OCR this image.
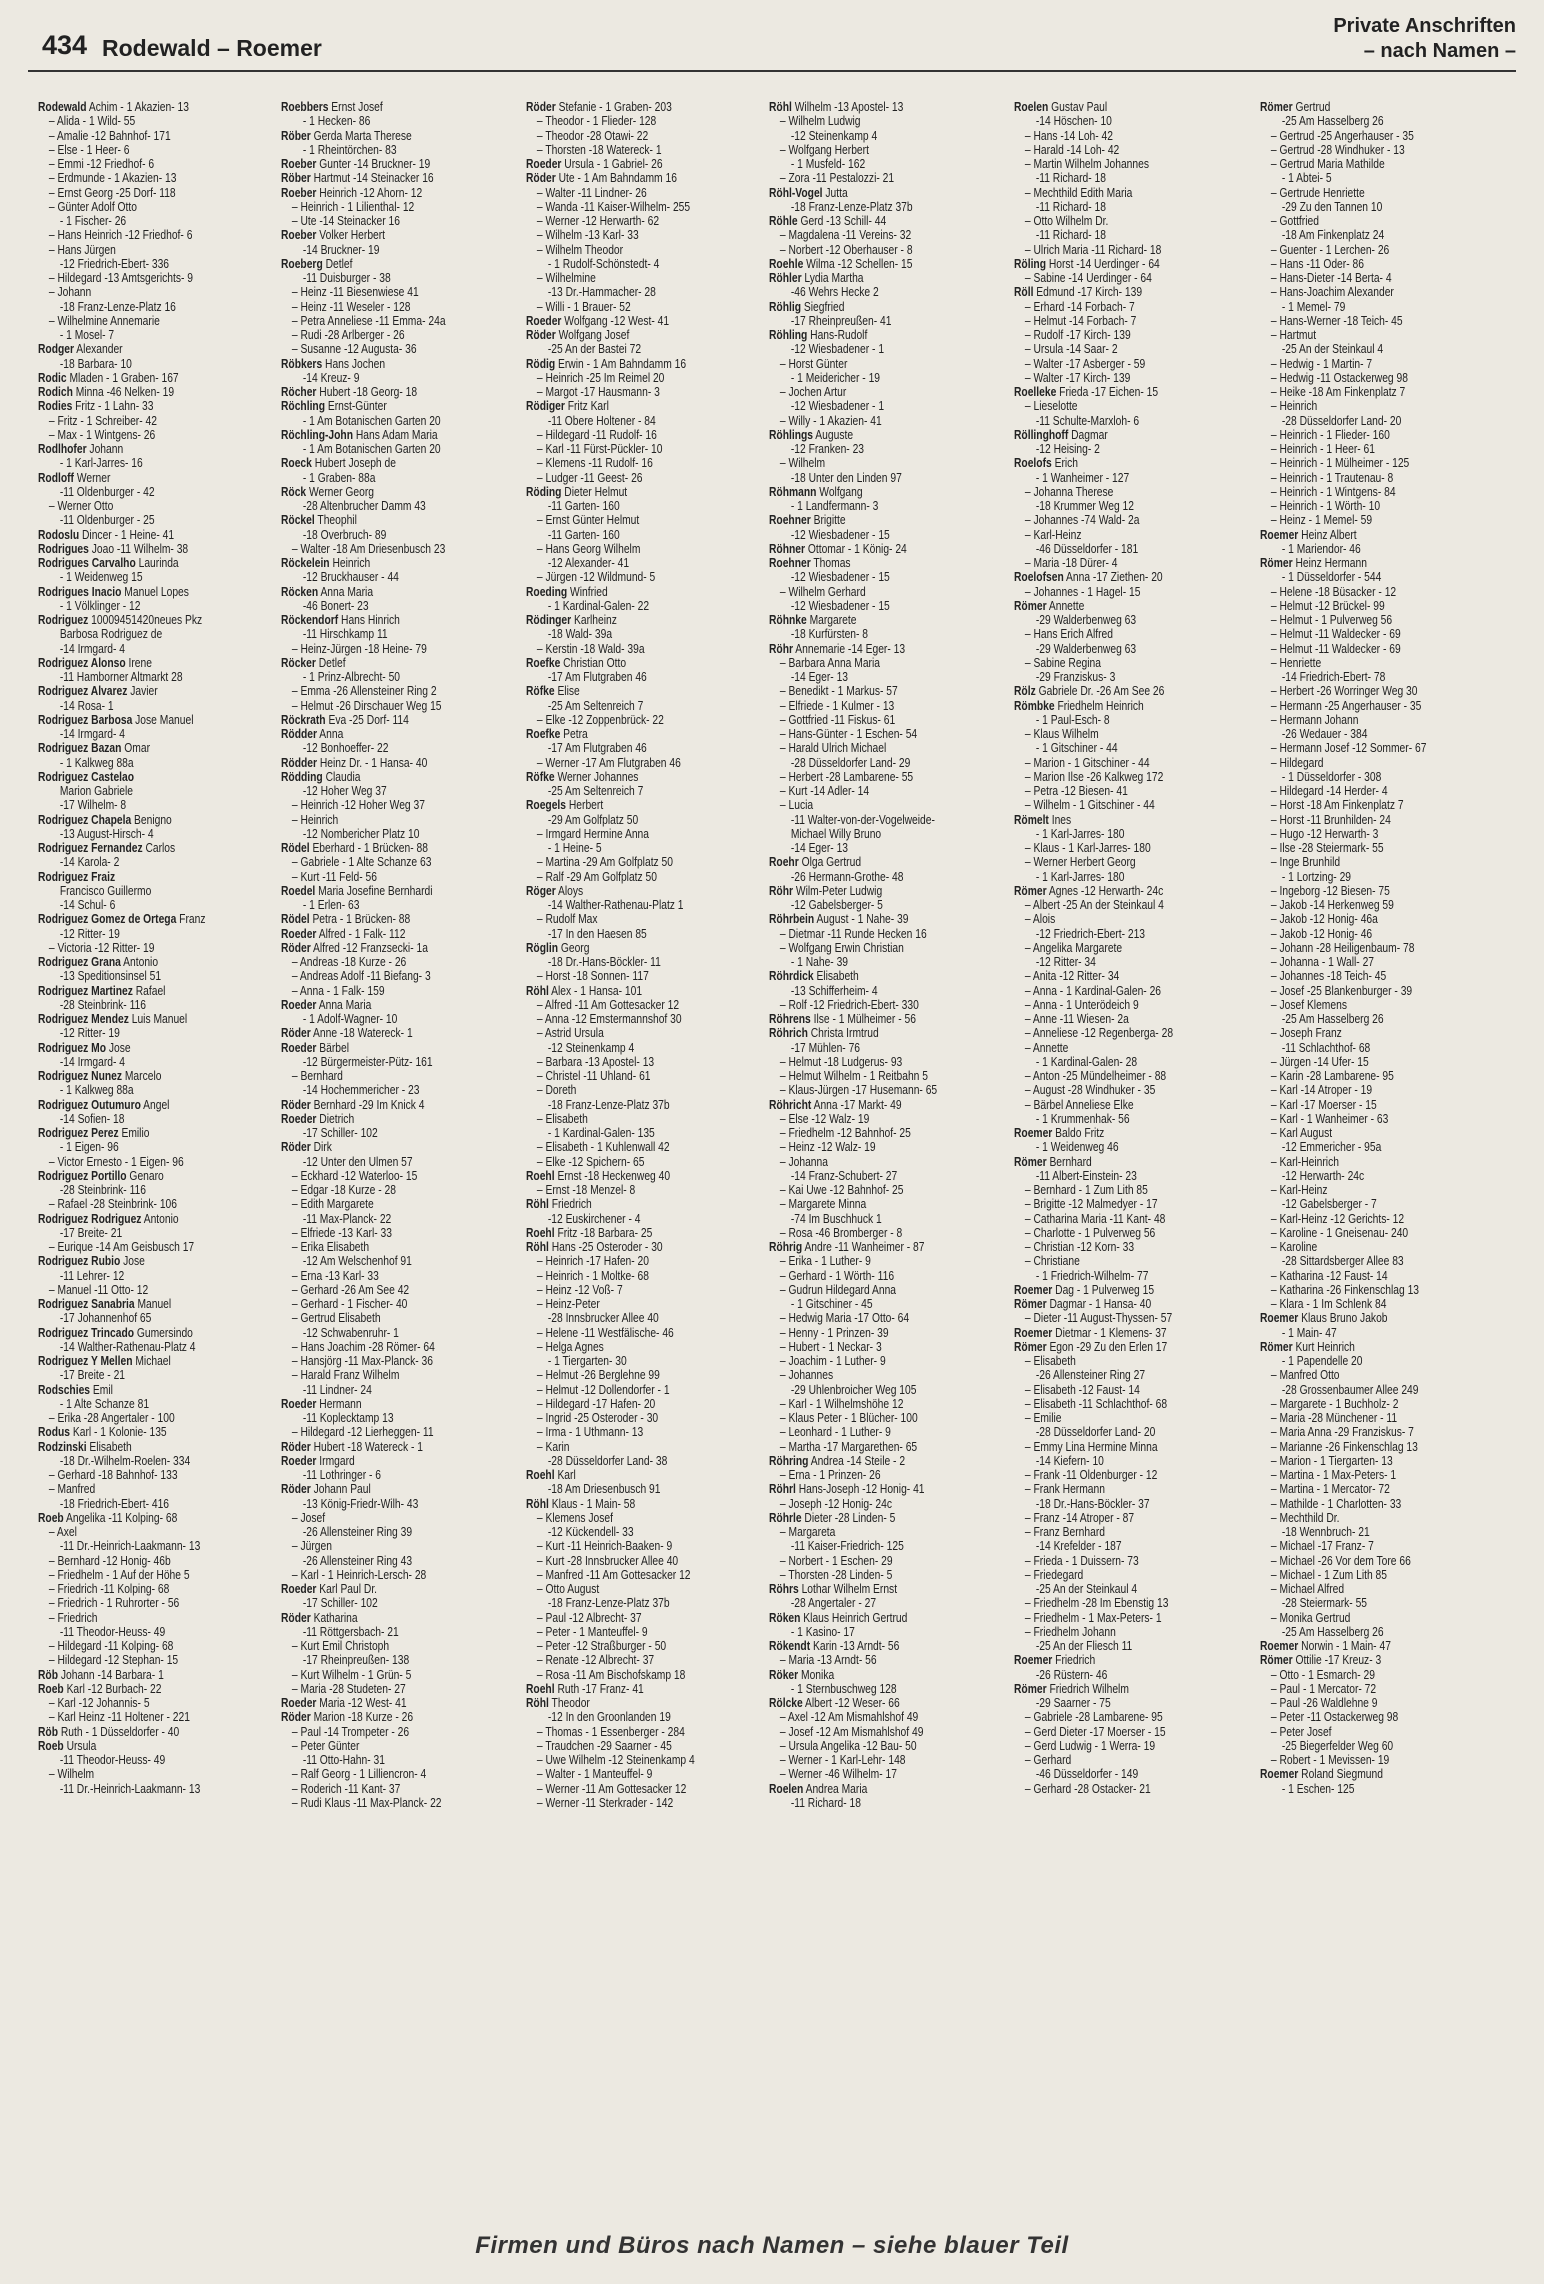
434 Rodewald – Roemer
Private Anschriften
– nach Namen –
Rodewald Achim - 1 Akazien- 13
– Alida - 1 Wild- 55
– Amalie -12 Bahnhof- 171
– Else - 1 Heer- 6
– Emmi -12 Friedhof- 6
– Erdmunde - 1 Akazien- 13
– Ernst Georg -25 Dorf- 118
– Günter Adolf Otto
- 1 Fischer- 26
– Hans Heinrich -12 Friedhof- 6
– Hans Jürgen
-12 Friedrich-Ebert- 336
– Hildegard -13 Amtsgerichts- 9
– Johann
-18 Franz-Lenze-Platz 16
– Wilhelmine Annemarie
- 1 Mosel- 7
Rodger Alexander
-18 Barbara- 10
Rodic Mladen - 1 Graben- 167
Rodich Minna -46 Nelken- 19
Rodies Fritz - 1 Lahn- 33
– Fritz - 1 Schreiber- 42
– Max - 1 Wintgens- 26
Rodlhofer Johann
- 1 Karl-Jarres- 16
Rodloff Werner
-11 Oldenburger - 42
– Werner Otto
-11 Oldenburger - 25
Rodoslu Dincer - 1 Heine- 41
Rodrigues Joao -11 Wilhelm- 38
Rodrigues Carvalho Laurinda
- 1 Weidenweg 15
Rodrigues Inacio Manuel Lopes
- 1 Völklinger - 12
Rodriguez 10009451420neues Pkz
Barbosa Rodriguez de
-14 Irmgard- 4
Rodriguez Alonso Irene
-11 Hamborner Altmarkt 28
Rodriguez Alvarez Javier
-14 Rosa- 1
Rodriguez Barbosa Jose Manuel
-14 Irmgard- 4
Rodriguez Bazan Omar
- 1 Kalkweg 88a
Rodriguez Castelao
Marion Gabriele
-17 Wilhelm- 8
Rodriguez Chapela Benigno
-13 August-Hirsch- 4
Rodriguez Fernandez Carlos
-14 Karola- 2
Rodriguez Fraiz
Francisco Guillermo
-14 Schul- 6
Rodriguez Gomez de Ortega Franz
-12 Ritter- 19
– Victoria -12 Ritter- 19
Rodriguez Grana Antonio
-13 Speditionsinsel 51
Rodriguez Martinez Rafael
-28 Steinbrink- 116
Rodriguez Mendez Luis Manuel
-12 Ritter- 19
Rodriguez Mo Jose
-14 Irmgard- 4
Rodriguez Nunez Marcelo
- 1 Kalkweg 88a
Rodriguez Outumuro Angel
-14 Sofien- 18
Rodriguez Perez Emilio
- 1 Eigen- 96
– Victor Ernesto - 1 Eigen- 96
Rodriguez Portillo Genaro
-28 Steinbrink- 116
– Rafael -28 Steinbrink- 106
Rodriguez Rodriguez Antonio
-17 Breite- 21
– Eurique -14 Am Geisbusch 17
Rodriguez Rubio Jose
-11 Lehrer- 12
– Manuel -11 Otto- 12
Rodriguez Sanabria Manuel
-17 Johannenhof 65
Rodriguez Trincado Gumersindo
-14 Walther-Rathenau-Platz 4
Rodriguez Y Mellen Michael
-17 Breite - 21
Rodschies Emil
- 1 Alte Schanze 81
– Erika -28 Angertaler - 100
Rodus Karl - 1 Kolonie- 135
Rodzinski Elisabeth
-18 Dr.-Wilhelm-Roelen- 334
– Gerhard -18 Bahnhof- 133
– Manfred
-18 Friedrich-Ebert- 416
Roeb Angelika -11 Kolping- 68
– Axel
-11 Dr.-Heinrich-Laakmann- 13
– Bernhard -12 Honig- 46b
– Friedhelm - 1 Auf der Höhe 5
– Friedrich -11 Kolping- 68
– Friedrich - 1 Ruhrorter - 56
– Friedrich
-11 Theodor-Heuss- 49
– Hildegard -11 Kolping- 68
– Hildegard -12 Stephan- 15
Röb Johann -14 Barbara- 1
Roeb Karl -12 Burbach- 22
– Karl -12 Johannis- 5
– Karl Heinz -11 Holtener - 221
Röb Ruth - 1 Düsseldorfer - 40
Roeb Ursula
-11 Theodor-Heuss- 49
– Wilhelm
-11 Dr.-Heinrich-Laakmann- 13
Roebbers Ernst Josef
- 1 Hecken- 86
Röber Gerda Marta Therese
- 1 Rheintörchen- 83
Roeber Gunter -14 Bruckner- 19
Röber Hartmut -14 Steinacker 16
Roeber Heinrich -12 Ahorn- 12
– Heinrich - 1 Lilienthal- 12
– Ute -14 Steinacker 16
Roeber Volker Herbert
-14 Bruckner- 19
Roeberg Detlef
-11 Duisburger - 38
– Heinz -11 Biesenwiese 41
– Heinz -11 Weseler - 128
– Petra Anneliese -11 Emma- 24a
– Rudi -28 Arlberger - 26
– Susanne -12 Augusta- 36
Röbkers Hans Jochen
-14 Kreuz- 9
Röcher Hubert -18 Georg- 18
Röchling Ernst-Günter
- 1 Am Botanischen Garten 20
Röchling-John Hans Adam Maria
- 1 Am Botanischen Garten 20
Roeck Hubert Joseph de
- 1 Graben- 88a
Röck Werner Georg
-28 Altenbrucher Damm 43
Röckel Theophil
-18 Overbruch- 89
– Walter -18 Am Driesenbusch 23
Röckelein Heinrich
-12 Bruckhauser - 44
Röcken Anna Maria
-46 Bonert- 23
Röckendorf Hans Hinrich
-11 Hirschkamp 11
– Heinz-Jürgen -18 Heine- 79
Röcker Detlef
- 1 Prinz-Albrecht- 50
– Emma -26 Allensteiner Ring 2
– Helmut -26 Dirschauer Weg 15
Röckrath Eva -25 Dorf- 114
Rödder Anna
-12 Bonhoeffer- 22
Rödder Heinz Dr. - 1 Hansa- 40
Rödding Claudia
-12 Hoher Weg 37
– Heinrich -12 Hoher Weg 37
– Heinrich
-12 Nombericher Platz 10
Rödel Eberhard - 1 Brücken- 88
– Gabriele - 1 Alte Schanze 63
– Kurt -11 Feld- 56
Roedel Maria Josefine Bernhardi
- 1 Erlen- 63
Rödel Petra - 1 Brücken- 88
Roeder Alfred - 1 Falk- 112
Röder Alfred -12 Franzsecki- 1a
– Andreas -18 Kurze - 26
– Andreas Adolf -11 Biefang- 3
– Anna - 1 Falk- 159
Roeder Anna Maria
- 1 Adolf-Wagner- 10
Röder Anne -18 Watereck- 1
Roeder Bärbel
-12 Bürgermeister-Pütz- 161
– Bernhard
-14 Hochemmericher - 23
Röder Bernhard -29 Im Knick 4
Roeder Dietrich
-17 Schiller- 102
Röder Dirk
-12 Unter den Ulmen 57
– Eckhard -12 Waterloo- 15
– Edgar -18 Kurze - 28
– Edith Margarete
-11 Max-Planck- 22
– Elfriede -13 Karl- 33
– Erika Elisabeth
-12 Am Welschenhof 91
– Erna -13 Karl- 33
– Gerhard -26 Am See 42
– Gerhard - 1 Fischer- 40
– Gertrud Elisabeth
-12 Schwabenruhr- 1
– Hans Joachim -28 Römer- 64
– Hansjörg -11 Max-Planck- 36
– Harald Franz Wilhelm
-11 Lindner- 24
Roeder Hermann
-11 Koplecktamp 13
– Hildegard -12 Lierheggen- 11
Röder Hubert -18 Watereck - 1
Roeder Irmgard
-11 Lothringer - 6
Röder Johann Paul
-13 König-Friedr-Wilh- 43
– Josef
-26 Allensteiner Ring 39
– Jürgen
-26 Allensteiner Ring 43
– Karl - 1 Heinrich-Lersch- 28
Roeder Karl Paul Dr.
-17 Schiller- 102
Röder Katharina
-11 Röttgersbach- 21
– Kurt Emil Christoph
-17 Rheinpreußen- 138
– Kurt Wilhelm - 1 Grün- 5
– Maria -28 Studeten- 27
Roeder Maria -12 West- 41
Röder Marion -18 Kurze - 26
– Paul -14 Trompeter - 26
– Peter Günter
-11 Otto-Hahn- 31
– Ralf Georg - 1 Lilliencron- 4
– Roderich -11 Kant- 37
– Rudi Klaus -11 Max-Planck- 22
Röder Stefanie - 1 Graben- 203
– Theodor - 1 Flieder- 128
– Theodor -28 Otawi- 22
– Thorsten -18 Watereck- 1
Roeder Ursula - 1 Gabriel- 26
Röder Ute - 1 Am Bahndamm 16
– Walter -11 Lindner- 26
– Wanda -11 Kaiser-Wilhelm- 255
– Werner -12 Herwarth- 62
– Wilhelm -13 Karl- 33
– Wilhelm Theodor
- 1 Rudolf-Schönstedt- 4
– Wilhelmine
-13 Dr.-Hammacher- 28
– Willi - 1 Brauer- 52
Roeder Wolfgang -12 West- 41
Röder Wolfgang Josef
-25 An der Bastei 72
Rödig Erwin - 1 Am Bahndamm 16
– Heinrich -25 Im Reimel 20
– Margot -17 Hausmann- 3
Rödiger Fritz Karl
-11 Obere Holtener - 84
– Hildegard -11 Rudolf- 16
– Karl -11 Fürst-Pückler- 10
– Klemens -11 Rudolf- 16
– Ludger -11 Geest- 26
Röding Dieter Helmut
-11 Garten- 160
– Ernst Günter Helmut
-11 Garten- 160
– Hans Georg Wilhelm
-12 Alexander- 41
– Jürgen -12 Wildmund- 5
Roeding Winfried
- 1 Kardinal-Galen- 22
Rödinger Karlheinz
-18 Wald- 39a
– Kerstin -18 Wald- 39a
Roefke Christian Otto
-17 Am Flutgraben 46
Röfke Elise
-25 Am Seltenreich 7
– Elke -12 Zoppenbrück- 22
Roefke Petra
-17 Am Flutgraben 46
– Werner -17 Am Flutgraben 46
Röfke Werner Johannes
-25 Am Seltenreich 7
Roegels Herbert
-29 Am Golfplatz 50
– Irmgard Hermine Anna
- 1 Heine- 5
– Martina -29 Am Golfplatz 50
– Ralf -29 Am Golfplatz 50
Röger Aloys
-14 Walther-Rathenau-Platz 1
– Rudolf Max
-17 In den Haesen 85
Röglin Georg
-18 Dr.-Hans-Böckler- 11
– Horst -18 Sonnen- 117
Röhl Alex - 1 Hansa- 101
– Alfred -11 Am Gottesacker 12
– Anna -12 Emstermannshof 30
– Astrid Ursula
-12 Steinenkamp 4
– Barbara -13 Apostel- 13
– Christel -11 Uhland- 61
– Doreth
-18 Franz-Lenze-Platz 37b
– Elisabeth
- 1 Kardinal-Galen- 135
– Elisabeth - 1 Kuhlenwall 42
– Elke -12 Spichern- 65
Roehl Ernst -18 Heckenweg 40
– Ernst -18 Menzel- 8
Röhl Friedrich
-12 Euskirchener - 4
Roehl Fritz -18 Barbara- 25
Röhl Hans -25 Osteroder - 30
– Heinrich -17 Hafen- 20
– Heinrich - 1 Moltke- 68
– Heinz -12 Voß- 7
– Heinz-Peter
-28 Innsbrucker Allee 40
– Helene -11 Westfälische- 46
– Helga Agnes
- 1 Tiergarten- 30
– Helmut -26 Berglehne 99
– Helmut -12 Dollendorfer - 1
– Hildegard -17 Hafen- 20
– Ingrid -25 Osteroder - 30
– Irma - 1 Uthmann- 13
– Karin
-28 Düsseldorfer Land- 38
Roehl Karl
-18 Am Driesenbusch 91
Röhl Klaus - 1 Main- 58
– Klemens Josef
-12 Kückendell- 33
– Kurt -11 Heinrich-Baaken- 9
– Kurt -28 Innsbrucker Allee 40
– Manfred -11 Am Gottesacker 12
– Otto August
-18 Franz-Lenze-Platz 37b
– Paul -12 Albrecht- 37
– Peter - 1 Manteuffel- 9
– Peter -12 Straßburger - 50
– Renate -12 Albrecht- 37
– Rosa -11 Am Bischofskamp 18
Roehl Ruth -17 Franz- 41
Röhl Theodor
-12 In den Groonlanden 19
– Thomas - 1 Essenberger - 284
– Traudchen -29 Saarner - 45
– Uwe Wilhelm -12 Steinenkamp 4
– Walter - 1 Manteuffel- 9
– Werner -11 Am Gottesacker 12
– Werner -11 Sterkrader - 142
Röhl Wilhelm -13 Apostel- 13
– Wilhelm Ludwig
-12 Steinenkamp 4
– Wolfgang Herbert
- 1 Musfeld- 162
– Zora -11 Pestalozzi- 21
Röhl-Vogel Jutta
-18 Franz-Lenze-Platz 37b
Röhle Gerd -13 Schill- 44
– Magdalena -11 Vereins- 32
– Norbert -12 Oberhauser - 8
Roehle Wilma -12 Schellen- 15
Röhler Lydia Martha
-46 Wehrs Hecke 2
Röhlig Siegfried
-17 Rheinpreußen- 41
Röhling Hans-Rudolf
-12 Wiesbadener - 1
– Horst Günter
- 1 Meidericher - 19
– Jochen Artur
-12 Wiesbadener - 1
– Willy - 1 Akazien- 41
Röhlings Auguste
-12 Franken- 23
– Wilhelm
-18 Unter den Linden 97
Röhmann Wolfgang
- 1 Landfermann- 3
Roehner Brigitte
-12 Wiesbadener - 15
Röhner Ottomar - 1 König- 24
Roehner Thomas
-12 Wiesbadener - 15
– Wilhelm Gerhard
-12 Wiesbadener - 15
Röhnke Margarete
-18 Kurfürsten- 8
Röhr Annemarie -14 Eger- 13
– Barbara Anna Maria
-14 Eger- 13
– Benedikt - 1 Markus- 57
– Elfriede - 1 Kulmer - 13
– Gottfried -11 Fiskus- 61
– Hans-Günter - 1 Eschen- 54
– Harald Ulrich Michael
-28 Düsseldorfer Land- 29
– Herbert -28 Lambarene- 55
– Kurt -14 Adler- 14
– Lucia
-11 Walter-von-der-Vogelweide-
Michael Willy Bruno
-14 Eger- 13
Roehr Olga Gertrud
-26 Hermann-Grothe- 48
Röhr Wilm-Peter Ludwig
-12 Gabelsberger- 5
Röhrbein August - 1 Nahe- 39
– Dietmar -11 Runde Hecken 16
– Wolfgang Erwin Christian
- 1 Nahe- 39
Röhrdick Elisabeth
-13 Schifferheim- 4
– Rolf -12 Friedrich-Ebert- 330
Röhrens Ilse - 1 Mülheimer - 56
Röhrich Christa Irmtrud
-17 Mühlen- 76
– Helmut -18 Ludgerus- 93
– Helmut Wilhelm - 1 Reitbahn 5
– Klaus-Jürgen -17 Husemann- 65
Röhricht Anna -17 Markt- 49
– Else -12 Walz- 19
– Friedhelm -12 Bahnhof- 25
– Heinz -12 Walz- 19
– Johanna
-14 Franz-Schubert- 27
– Kai Uwe -12 Bahnhof- 25
– Margarete Minna
-74 Im Buschhuck 1
– Rosa -46 Bromberger - 8
Röhrig Andre -11 Wanheimer - 87
– Erika - 1 Luther- 9
– Gerhard - 1 Wörth- 116
– Gudrun Hildegard Anna
- 1 Gitschiner - 45
– Hedwig Maria -17 Otto- 64
– Henny - 1 Prinzen- 39
– Hubert - 1 Neckar- 3
– Joachim - 1 Luther- 9
– Johannes
-29 Uhlenbroicher Weg 105
– Karl - 1 Wilhelmshöhe 12
– Klaus Peter - 1 Blücher- 100
– Leonhard - 1 Luther- 9
– Martha -17 Margarethen- 65
Röhring Andrea -14 Steile - 2
– Erna - 1 Prinzen- 26
Röhrl Hans-Joseph -12 Honig- 41
– Joseph -12 Honig- 24c
Röhrle Dieter -28 Linden- 5
– Margareta
-11 Kaiser-Friedrich- 125
– Norbert - 1 Eschen- 29
– Thorsten -28 Linden- 5
Röhrs Lothar Wilhelm Ernst
-28 Angertaler - 27
Röken Klaus Heinrich Gertrud
- 1 Kasino- 17
Rökendt Karin -13 Arndt- 56
– Maria -13 Arndt- 56
Röker Monika
- 1 Sternbuschweg 128
Rölcke Albert -12 Weser- 66
– Axel -12 Am Mismahlshof 49
– Josef -12 Am Mismahlshof 49
– Ursula Angelika -12 Bau- 50
– Werner - 1 Karl-Lehr- 148
– Werner -46 Wilhelm- 17
Roelen Andrea Maria
-11 Richard- 18
Roelen Gustav Paul
-14 Höschen- 10
– Hans -14 Loh- 42
– Harald -14 Loh- 42
– Martin Wilhelm Johannes
-11 Richard- 18
– Mechthild Edith Maria
-11 Richard- 18
– Otto Wilhelm Dr.
-11 Richard- 18
– Ulrich Maria -11 Richard- 18
Röling Horst -14 Uerdinger - 64
– Sabine -14 Uerdinger - 64
Röll Edmund -17 Kirch- 139
– Erhard -14 Forbach- 7
– Helmut -14 Forbach- 7
– Rudolf -17 Kirch- 139
– Ursula -14 Saar- 2
– Walter -17 Asberger - 59
– Walter -17 Kirch- 139
Roelleke Frieda -17 Eichen- 15
– Lieselotte
-11 Schulte-Marxloh- 6
Röllinghoff Dagmar
-12 Heising- 2
Roelofs Erich
- 1 Wanheimer - 127
– Johanna Therese
-18 Krummer Weg 12
– Johannes -74 Wald- 2a
– Karl-Heinz
-46 Düsseldorfer - 181
– Maria -18 Dürer- 4
Roelofsen Anna -17 Ziethen- 20
– Johannes - 1 Hagel- 15
Römer Annette
-29 Walderbenweg 63
– Hans Erich Alfred
-29 Walderbenweg 63
– Sabine Regina
-29 Franziskus- 3
Rölz Gabriele Dr. -26 Am See 26
Römbke Friedhelm Heinrich
- 1 Paul-Esch- 8
– Klaus Wilhelm
- 1 Gitschiner - 44
– Marion - 1 Gitschiner - 44
– Marion Ilse -26 Kalkweg 172
– Petra -12 Biesen- 41
– Wilhelm - 1 Gitschiner - 44
Römelt Ines
- 1 Karl-Jarres- 180
– Klaus - 1 Karl-Jarres- 180
– Werner Herbert Georg
- 1 Karl-Jarres- 180
Römer Agnes -12 Herwarth- 24c
– Albert -25 An der Steinkaul 4
– Alois
-12 Friedrich-Ebert- 213
– Angelika Margarete
-12 Ritter- 34
– Anita -12 Ritter- 34
– Anna - 1 Kardinal-Galen- 26
– Anna - 1 Unterödeich 9
– Anne -11 Wiesen- 2a
– Anneliese -12 Regenberga- 28
– Annette
- 1 Kardinal-Galen- 28
– Anton -25 Mündelheimer - 88
– August -28 Windhuker - 35
– Bärbel Anneliese Elke
- 1 Krummenhak- 56
Roemer Baldo Fritz
- 1 Weidenweg 46
Römer Bernhard
-11 Albert-Einstein- 23
– Bernhard - 1 Zum Lith 85
– Brigitte -12 Malmedyer - 17
– Catharina Maria -11 Kant- 48
– Charlotte - 1 Pulverweg 56
– Christian -12 Korn- 33
– Christiane
- 1 Friedrich-Wilhelm- 77
Roemer Dag - 1 Pulverweg 15
Römer Dagmar - 1 Hansa- 40
– Dieter -11 August-Thyssen- 57
Roemer Dietmar - 1 Klemens- 37
Römer Egon -29 Zu den Erlen 17
– Elisabeth
-26 Allensteiner Ring 27
– Elisabeth -12 Faust- 14
– Elisabeth -11 Schlachthof- 68
– Emilie
-28 Düsseldorfer Land- 20
– Emmy Lina Hermine Minna
-14 Kiefern- 10
– Frank -11 Oldenburger - 12
– Frank Hermann
-18 Dr.-Hans-Böckler- 37
– Franz -14 Atroper - 87
– Franz Bernhard
-14 Krefelder - 187
– Frieda - 1 Duissern- 73
– Friedegard
-25 An der Steinkaul 4
– Friedhelm -28 Im Ebenstig 13
– Friedhelm - 1 Max-Peters- 1
– Friedhelm Johann
-25 An der Fliesch 11
Roemer Friedrich
-26 Rüstern- 46
Römer Friedrich Wilhelm
-29 Saarner - 75
– Gabriele -28 Lambarene- 95
– Gerd Dieter -17 Moerser - 15
– Gerd Ludwig - 1 Werra- 19
– Gerhard
-46 Düsseldorfer - 149
– Gerhard -28 Ostacker- 21
Römer Gertrud
-25 Am Hasselberg 26
– Gertrud -25 Angerhauser - 35
– Gertrud -28 Windhuker - 13
– Gertrud Maria Mathilde
- 1 Abtei- 5
– Gertrude Henriette
-29 Zu den Tannen 10
– Gottfried
-18 Am Finkenplatz 24
– Guenter - 1 Lerchen- 26
– Hans -11 Oder- 86
– Hans-Dieter -14 Berta- 4
– Hans-Joachim Alexander
- 1 Memel- 79
– Hans-Werner -18 Teich- 45
– Hartmut
-25 An der Steinkaul 4
– Hedwig - 1 Martin- 7
– Hedwig -11 Ostackerweg 98
– Heike -18 Am Finkenplatz 7
– Heinrich
-28 Düsseldorfer Land- 20
– Heinrich - 1 Flieder- 160
– Heinrich - 1 Heer- 61
– Heinrich - 1 Mülheimer - 125
– Heinrich - 1 Trautenau- 8
– Heinrich - 1 Wintgens- 84
– Heinrich - 1 Wörth- 10
– Heinz - 1 Memel- 59
Roemer Heinz Albert
- 1 Mariendor- 46
Römer Heinz Hermann
- 1 Düsseldorfer - 544
– Helene -18 Büsacker - 12
– Helmut -12 Brückel- 99
– Helmut - 1 Pulverweg 56
– Helmut -11 Waldecker - 69
– Helmut -11 Waldecker - 69
– Henriette
-14 Friedrich-Ebert- 78
– Herbert -26 Worringer Weg 30
– Hermann -25 Angerhauser - 35
– Hermann Johann
-26 Wedauer - 384
– Hermann Josef -12 Sommer- 67
– Hildegard
- 1 Düsseldorfer - 308
– Hildegard -14 Herder- 4
– Horst -18 Am Finkenplatz 7
– Horst -11 Brunhilden- 24
– Hugo -12 Herwarth- 3
– Ilse -28 Steiermark- 55
– Inge Brunhild
- 1 Lortzing- 29
– Ingeborg -12 Biesen- 75
– Jakob -14 Herkenweg 59
– Jakob -12 Honig- 46a
– Jakob -12 Honig- 46
– Johann -28 Heiligenbaum- 78
– Johanna - 1 Wall- 27
– Johannes -18 Teich- 45
– Josef -25 Blankenburger - 39
– Josef Klemens
-25 Am Hasselberg 26
– Joseph Franz
-11 Schlachthof- 68
– Jürgen -14 Ufer- 15
– Karin -28 Lambarene- 95
– Karl -14 Atroper - 19
– Karl -17 Moerser - 15
– Karl - 1 Wanheimer - 63
– Karl August
-12 Emmericher - 95a
– Karl-Heinrich
-12 Herwarth- 24c
– Karl-Heinz
-12 Gabelsberger - 7
– Karl-Heinz -12 Gerichts- 12
– Karoline - 1 Gneisenau- 240
– Karoline
-28 Sittardsberger Allee 83
– Katharina -12 Faust- 14
– Katharina -26 Finkenschlag 13
– Klara - 1 Im Schlenk 84
Roemer Klaus Bruno Jakob
- 1 Main- 47
Römer Kurt Heinrich
- 1 Papendelle 20
– Manfred Otto
-28 Grossenbaumer Allee 249
– Margarete - 1 Buchholz- 2
– Maria -28 Münchener - 11
– Maria Anna -29 Franziskus- 7
– Marianne -26 Finkenschlag 13
– Marion - 1 Tiergarten- 13
– Martina - 1 Max-Peters- 1
– Martina - 1 Mercator- 72
– Mathilde - 1 Charlotten- 33
– Mechthild Dr.
-18 Wennbruch- 21
– Michael -17 Franz- 7
– Michael -26 Vor dem Tore 66
– Michael - 1 Zum Lith 85
– Michael Alfred
-28 Steiermark- 55
– Monika Gertrud
-25 Am Hasselberg 26
Roemer Norwin - 1 Main- 47
Römer Ottilie -17 Kreuz- 3
– Otto - 1 Esmarch- 29
– Paul - 1 Mercator- 72
– Paul -26 Waldlehne 9
– Peter -11 Ostackerweg 98
– Peter Josef
-25 Biegerfelder Weg 60
– Robert - 1 Mevissen- 19
Roemer Roland Siegmund
- 1 Eschen- 125
Firmen und Büros nach Namen – siehe blauer Teil
